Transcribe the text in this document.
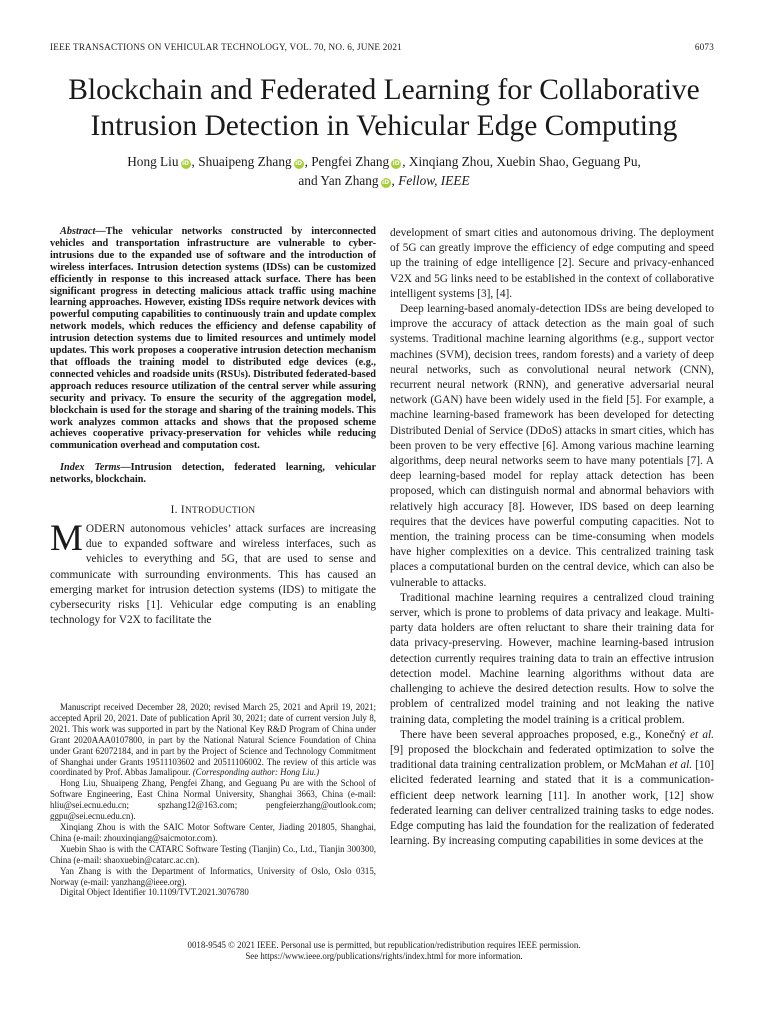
IEEE TRANSACTIONS ON VEHICULAR TECHNOLOGY, VOL. 70, NO. 6, JUNE 2021	6073
Blockchain and Federated Learning for Collaborative
Intrusion Detection in Vehicular Edge Computing
Hong Liu iD , Shuaipeng Zhang iD , Pengfei Zhang iD , Xinqiang Zhou, Xuebin Shao, Geguang Pu,
and Yan Zhang iD , Fellow, IEEE
Abstract—The vehicular networks constructed by interconnected vehicles and transportation infrastructure are vulnerable to cyber-intrusions due to the expanded use of software and the introduction of wireless interfaces. Intrusion detection systems (IDSs) can be customized efficiently in response to this increased attack surface. There has been significant progress in detecting malicious attack traffic using machine learning approaches. However, existing IDSs require network devices with powerful computing capabilities to continuously train and update complex network models, which reduces the efficiency and defense capability of intrusion detection systems due to limited resources and untimely model updates. This work proposes a cooperative intrusion detection mechanism that offloads the training model to distributed edge devices (e.g., connected vehicles and roadside units (RSUs). Distributed federated-based approach reduces resource utilization of the central server while assuring security and privacy. To ensure the security of the aggregation model, blockchain is used for the storage and sharing of the training models. This work analyzes common attacks and shows that the proposed scheme achieves cooperative privacy-preservation for vehicles while reducing communication overhead and computation cost.
Index Terms—Intrusion detection, federated learning, vehicular networks, blockchain.
I. INTRODUCTION

MODERN autonomous vehicles’ attack surfaces are increasing due to expanded software and wireless interfaces, such as vehicles to everything and 5G, that are used to sense and communicate with surrounding environments. This has caused an emerging market for intrusion detection systems (IDS) to mitigate the cybersecurity risks [1]. Vehicular edge computing is an enabling technology for V2X to facilitate the

Manuscript received December 28, 2020; revised March 25, 2021 and April 19, 2021; accepted April 20, 2021. Date of publication April 30, 2021; date of current version July 8, 2021. This work was supported in part by the National Key R&D Program of China under Grant 2020AAA0107800, in part by the National Natural Science Foundation of China under Grant 62072184, and in part by the Project of Science and Technology Commitment of Shanghai under Grants 19511103602 and 20511106002. The review of this article was coordinated by Prof. Abbas Jamalipour. (Corresponding author: Hong Liu.)

Hong Liu, Shuaipeng Zhang, Pengfei Zhang, and Geguang Pu are with the School of Software Engineering, East China Normal University, Shanghai 3663, China (e-mail: hliu@sei.ecnu.edu.cn; spzhang12@163.com; pengfeierzhang@outlook.com; ggpu@sei.ecnu.edu.cn).

Xinqiang Zhou is with the SAIC Motor Software Center, Jiading 201805, Shanghai, China (e-mail: zhouxinqiang@saicmotor.com).

Xuebin Shao is with the CATARC Software Testing (Tianjin) Co., Ltd., Tianjin 300300, China (e-mail: shaoxuebin@catarc.ac.cn).

Yan Zhang is with the Department of Informatics, University of Oslo, Oslo 0315, Norway (e-mail: yanzhang@ieee.org).

Digital Object Identifier 10.1109/TVT.2021.3076780

development of smart cities and autonomous driving. The deployment of 5G can greatly improve the efficiency of edge computing and speed up the training of edge intelligence [2]. Secure and privacy-enhanced V2X and 5G links need to be established in the context of collaborative intelligent systems [3], [4].

Deep learning-based anomaly-detection IDSs are being developed to improve the accuracy of attack detection as the main goal of such systems. Traditional machine learning algorithms (e.g., support vector machines (SVM), decision trees, random forests) and a variety of deep neural networks, such as convolutional neural network (CNN), recurrent neural network (RNN), and generative adversarial neural network (GAN) have been widely used in the field [5]. For example, a machine learning-based framework has been developed for detecting Distributed Denial of Service (DDoS) attacks in smart cities, which has been proven to be very effective [6]. Among various machine learning algorithms, deep neural networks seem to have many potentials [7]. A deep learning-based model for replay attack detection has been proposed, which can distinguish normal and abnormal behaviors with relatively high accuracy [8]. However, IDS based on deep learning requires that the devices have powerful computing capacities. Not to mention, the training process can be time-consuming when models have higher complexities on a device. This centralized training task places a computational burden on the central device, which can also be vulnerable to attacks.

Traditional machine learning requires a centralized cloud training server, which is prone to problems of data privacy and leakage. Multi-party data holders are often reluctant to share their training data for data privacy-preserving. However, machine learning-based intrusion detection currently requires training data to train an effective intrusion detection model. Machine learning algorithms without data are challenging to achieve the desired detection results. How to solve the problem of centralized model training and not leaking the native training data, completing the model training is a critical problem.

There have been several approaches proposed, e.g., Konečný et al. [9] proposed the blockchain and federated optimization to solve the traditional data training centralization problem, or McMahan et al. [10] elicited federated learning and stated that it is a communication-efficient deep network learning [11]. In another work, [12] show federated learning can deliver centralized training tasks to edge nodes. Edge computing has laid the foundation for the realization of federated learning. By increasing computing capabilities in some devices at the

0018-9545 © 2021 IEEE. Personal use is permitted, but republication/redistribution requires IEEE permission.
See https://www.ieee.org/publications/rights/index.html for more information.
